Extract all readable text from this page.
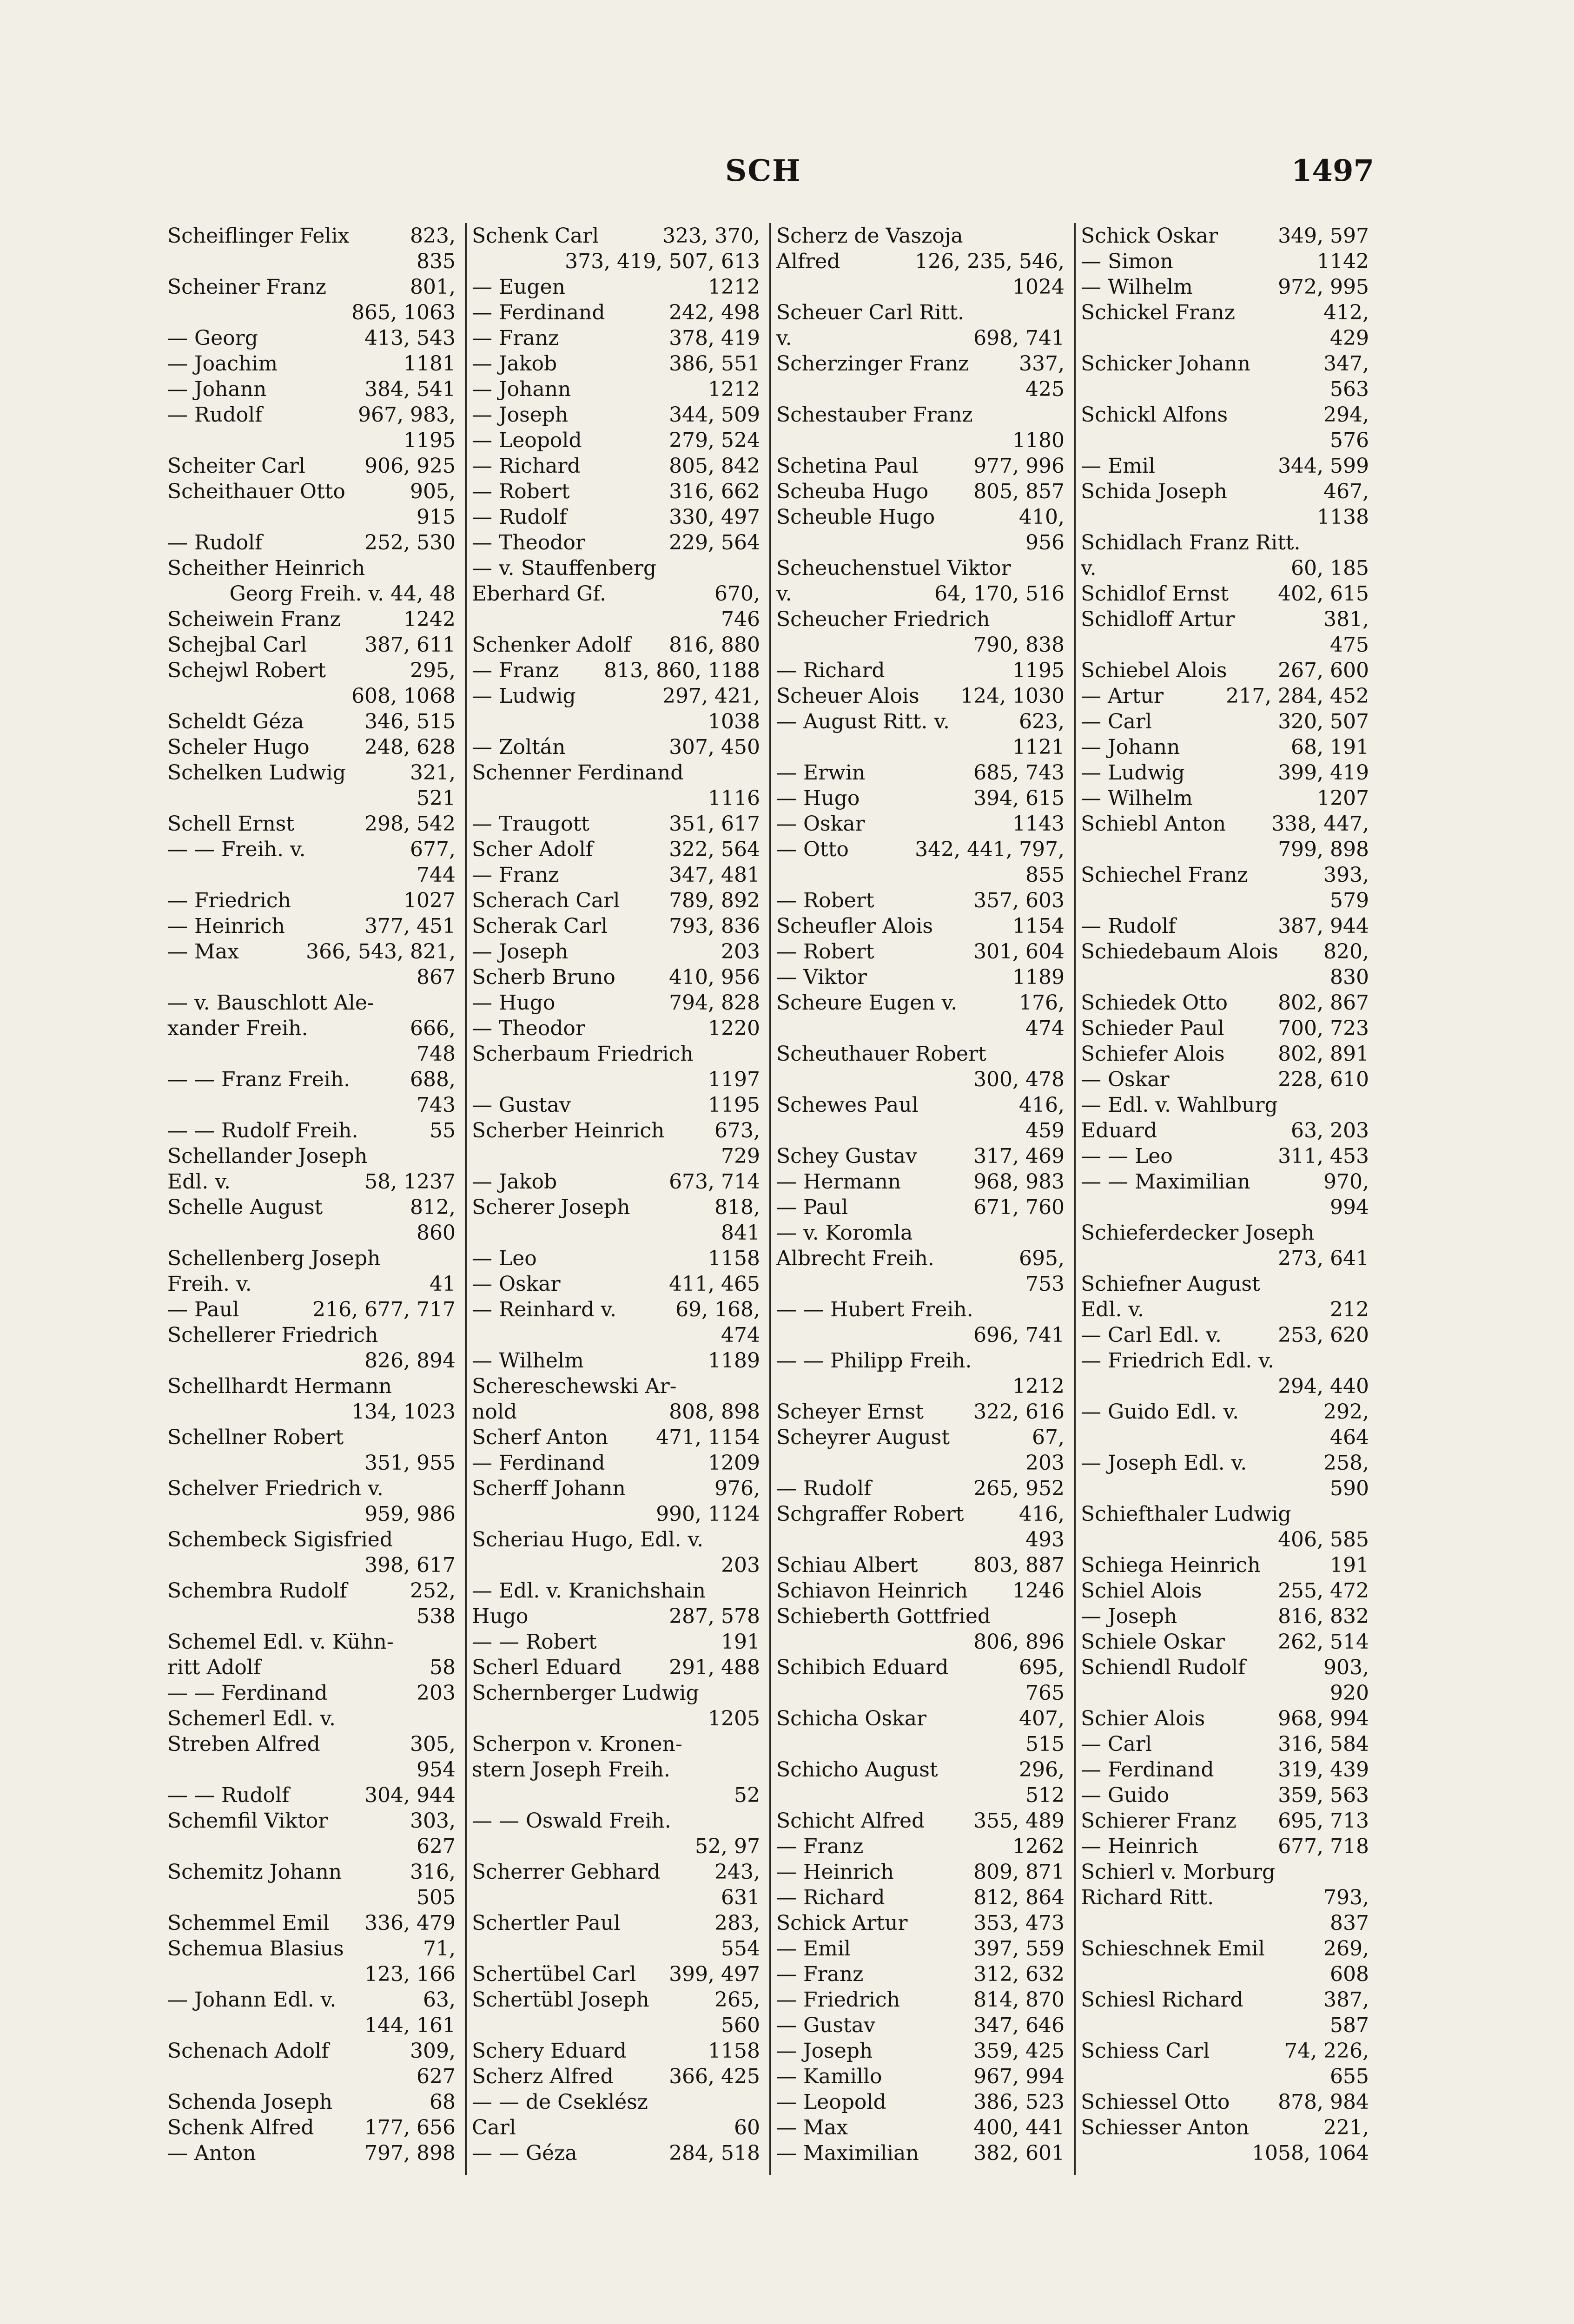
SCH	1497
Scheiflinger Felix	823,
835
Scheiner Franz	801,
865, 1063
— Georg	413, 543
— Joachim	1181
— Johann	384, 541
— Rudolf	967, 983,
1195
Scheiter Carl	906, 925
Scheithauer Otto	905,
915
— Rudolf	252, 530
Scheither Heinrich
Georg Freih. v. 44, 48
Scheiwein Franz	1242
Schejbal Carl	387, 611
Schejwl Robert	295,
608, 1068
Scheldt Géza	346, 515
Scheler Hugo	248, 628
Schelken Ludwig	321,
521
Schell Ernst	298, 542
— — Freih. v.	677,
744
— Friedrich	1027
— Heinrich	377, 451
— Max	366, 543, 821,
867
— v. Bauschlott Ale-
xander Freih.	666,
748
— — Franz Freih.	688,
743
— — Rudolf Freih.	55
Schellander Joseph
Edl. v.	58, 1237
Schelle August	812,
860
Schellenberg Joseph
Freih. v.	41
— Paul	216, 677, 717
Schellerer Friedrich
826, 894
Schellhardt Hermann
134, 1023
Schellner Robert
351, 955
Schelver Friedrich v.
959, 986
Schembeck Sigisfried
398, 617
Schembra Rudolf	252,
538
Schemel Edl. v. Kühn-
ritt Adolf	58
— — Ferdinand	203
Schemerl Edl. v.
Streben Alfred	305,
954
— — Rudolf	304, 944
Schemfil Viktor	303,
627
Schemitz Johann	316,
505
Schemmel Emil	336, 479
Schemua Blasius	71,
123, 166
— Johann Edl. v.	63,
144, 161
Schenach Adolf	309,
627
Schenda Joseph	68
Schenk Alfred	177, 656
— Anton	797, 898
Schenk Carl	323, 370,
373, 419, 507, 613
— Eugen	1212
— Ferdinand	242, 498
— Franz	378, 419
— Jakob	386, 551
— Johann	1212
— Joseph	344, 509
— Leopold	279, 524
— Richard	805, 842
— Robert	316, 662
— Rudolf	330, 497
— Theodor	229, 564
— v. Stauffenberg
Eberhard Gf.	670,
746
Schenker Adolf	816, 880
— Franz	813, 860, 1188
— Ludwig	297, 421,
1038
— Zoltán	307, 450
Schenner Ferdinand
1116
— Traugott	351, 617
Scher Adolf	322, 564
— Franz	347, 481
Scherach Carl	789, 892
Scherak Carl	793, 836
— Joseph	203
Scherb Bruno	410, 956
— Hugo	794, 828
— Theodor	1220
Scherbaum Friedrich
1197
— Gustav	1195
Scherber Heinrich	673,
729
— Jakob	673, 714
Scherer Joseph	818,
841
— Leo	1158
— Oskar	411, 465
— Reinhard v.	69, 168,
474
— Wilhelm	1189
Schereschewski Ar-
nold	808, 898
Scherf Anton	471, 1154
— Ferdinand	1209
Scherff Johann	976,
990, 1124
Scheriau Hugo, Edl. v.
203
— Edl. v. Kranichshain
Hugo	287, 578
— — Robert	191
Scherl Eduard	291, 488
Schernberger Ludwig
1205
Scherpon v. Kronen-
stern Joseph Freih.
52
— — Oswald Freih.
52, 97
Scherrer Gebhard	243,
631
Schertler Paul	283,
554
Schertübel Carl	399, 497
Schertübl Joseph	265,
560
Schery Eduard	1158
Scherz Alfred	366, 425
— — de Cseklész
Carl	60
— — Géza	284, 518
Scherz de Vaszoja
Alfred	126, 235, 546,
1024
Scheuer Carl Ritt.
v.	698, 741
Scherzinger Franz	337,
425
Schestauber Franz
1180
Schetina Paul	977, 996
Scheuba Hugo	805, 857
Scheuble Hugo	410,
956
Scheuchenstuel Viktor
v.	64, 170, 516
Scheucher Friedrich
790, 838
— Richard	1195
Scheuer Alois	124, 1030
— August Ritt. v.	623,
1121
— Erwin	685, 743
— Hugo	394, 615
— Oskar	1143
— Otto	342, 441, 797,
855
— Robert	357, 603
Scheufler Alois	1154
— Robert	301, 604
— Viktor	1189
Scheure Eugen v.	176,
474
Scheuthauer Robert
300, 478
Schewes Paul	416,
459
Schey Gustav	317, 469
— Hermann	968, 983
— Paul	671, 760
— v. Koromla
Albrecht Freih.	695,
753
— — Hubert Freih.
696, 741
— — Philipp Freih.
1212
Scheyer Ernst	322, 616
Scheyrer August	67,
203
— Rudolf	265, 952
Schgraffer Robert	416,
493
Schiau Albert	803, 887
Schiavon Heinrich	1246
Schieberth Gottfried
806, 896
Schibich Eduard	695,
765
Schicha Oskar	407,
515
Schicho August	296,
512
Schicht Alfred	355, 489
— Franz	1262
— Heinrich	809, 871
— Richard	812, 864
Schick Artur	353, 473
— Emil	397, 559
— Franz	312, 632
— Friedrich	814, 870
— Gustav	347, 646
— Joseph	359, 425
— Kamillo	967, 994
— Leopold	386, 523
— Max	400, 441
— Maximilian	382, 601
Schick Oskar	349, 597
— Simon	1142
— Wilhelm	972, 995
Schickel Franz	412,
429
Schicker Johann	347,
563
Schickl Alfons	294,
576
— Emil	344, 599
Schida Joseph	467,
1138
Schidlach Franz Ritt.
v.	60, 185
Schidlof Ernst	402, 615
Schidloff Artur	381,
475
Schiebel Alois	267, 600
— Artur	217, 284, 452
— Carl	320, 507
— Johann	68, 191
— Ludwig	399, 419
— Wilhelm	1207
Schiebl Anton	338, 447,
799, 898
Schiechel Franz	393,
579
— Rudolf	387, 944
Schiedebaum Alois	820,
830
Schiedek Otto	802, 867
Schieder Paul	700, 723
Schiefer Alois	802, 891
— Oskar	228, 610
— Edl. v. Wahlburg
Eduard	63, 203
— — Leo	311, 453
— — Maximilian	970,
994
Schieferdecker Joseph
273, 641
Schiefner August
Edl. v.	212
— Carl Edl. v.	253, 620
— Friedrich Edl. v.
294, 440
— Guido Edl. v.	292,
464
— Joseph Edl. v.	258,
590
Schiefthaler Ludwig
406, 585
Schiega Heinrich	191
Schiel Alois	255, 472
— Joseph	816, 832
Schiele Oskar	262, 514
Schiendl Rudolf	903,
920
Schier Alois	968, 994
— Carl	316, 584
— Ferdinand	319, 439
— Guido	359, 563
Schierer Franz	695, 713
— Heinrich	677, 718
Schierl v. Morburg
Richard Ritt.	793,
837
Schieschnek Emil	269,
608
Schiesl Richard	387,
587
Schiess Carl	74, 226,
655
Schiessel Otto	878, 984
Schiesser Anton	221,
1058, 1064
